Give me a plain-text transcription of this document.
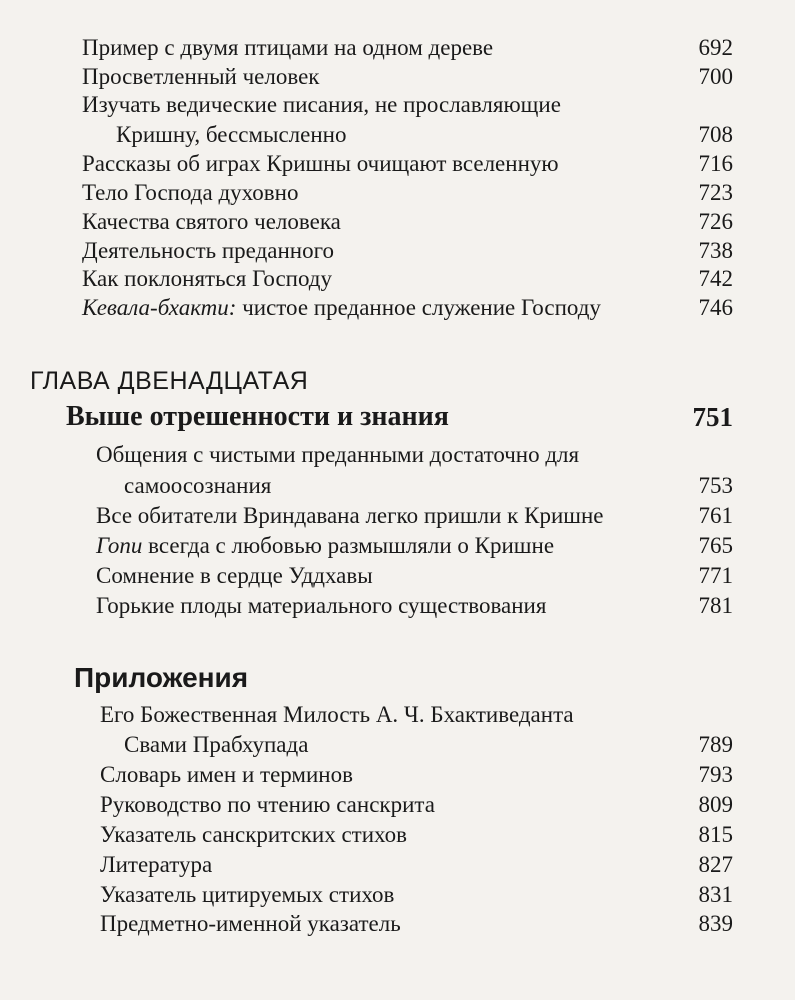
Пример с двумя птицами на одном дереве	692
Просветленный человек	700
Изучать ведические писания, не прославляющие
Кришну, бессмысленно	708
Рассказы об играх Кришны очищают вселенную	716
Тело Господа духовно	723
Качества святого человека	726
Деятельность преданного	738
Как поклоняться Господу	742
Кевала-бхакти: чистое преданное служение Господу	746
ГЛАВА ДВЕНАДЦАТАЯ
Выше отрешенности и знания	751
Общения с чистыми преданными достаточно для
самоосознания	753
Все обитатели Вриндавана легко пришли к Кришне	761
Гопи всегда с любовью размышляли о Кришне	765
Сомнение в сердце Уддхавы	771
Горькие плоды материального существования	781
Приложения
Его Божественная Милость А. Ч. Бхактиведанта
Свами Прабхупада	789
Словарь имен и терминов	793
Руководство по чтению санскрита	809
Указатель санскритских стихов	815
Литература	827
Указатель цитируемых стихов	831
Предметно-именной указатель	839
